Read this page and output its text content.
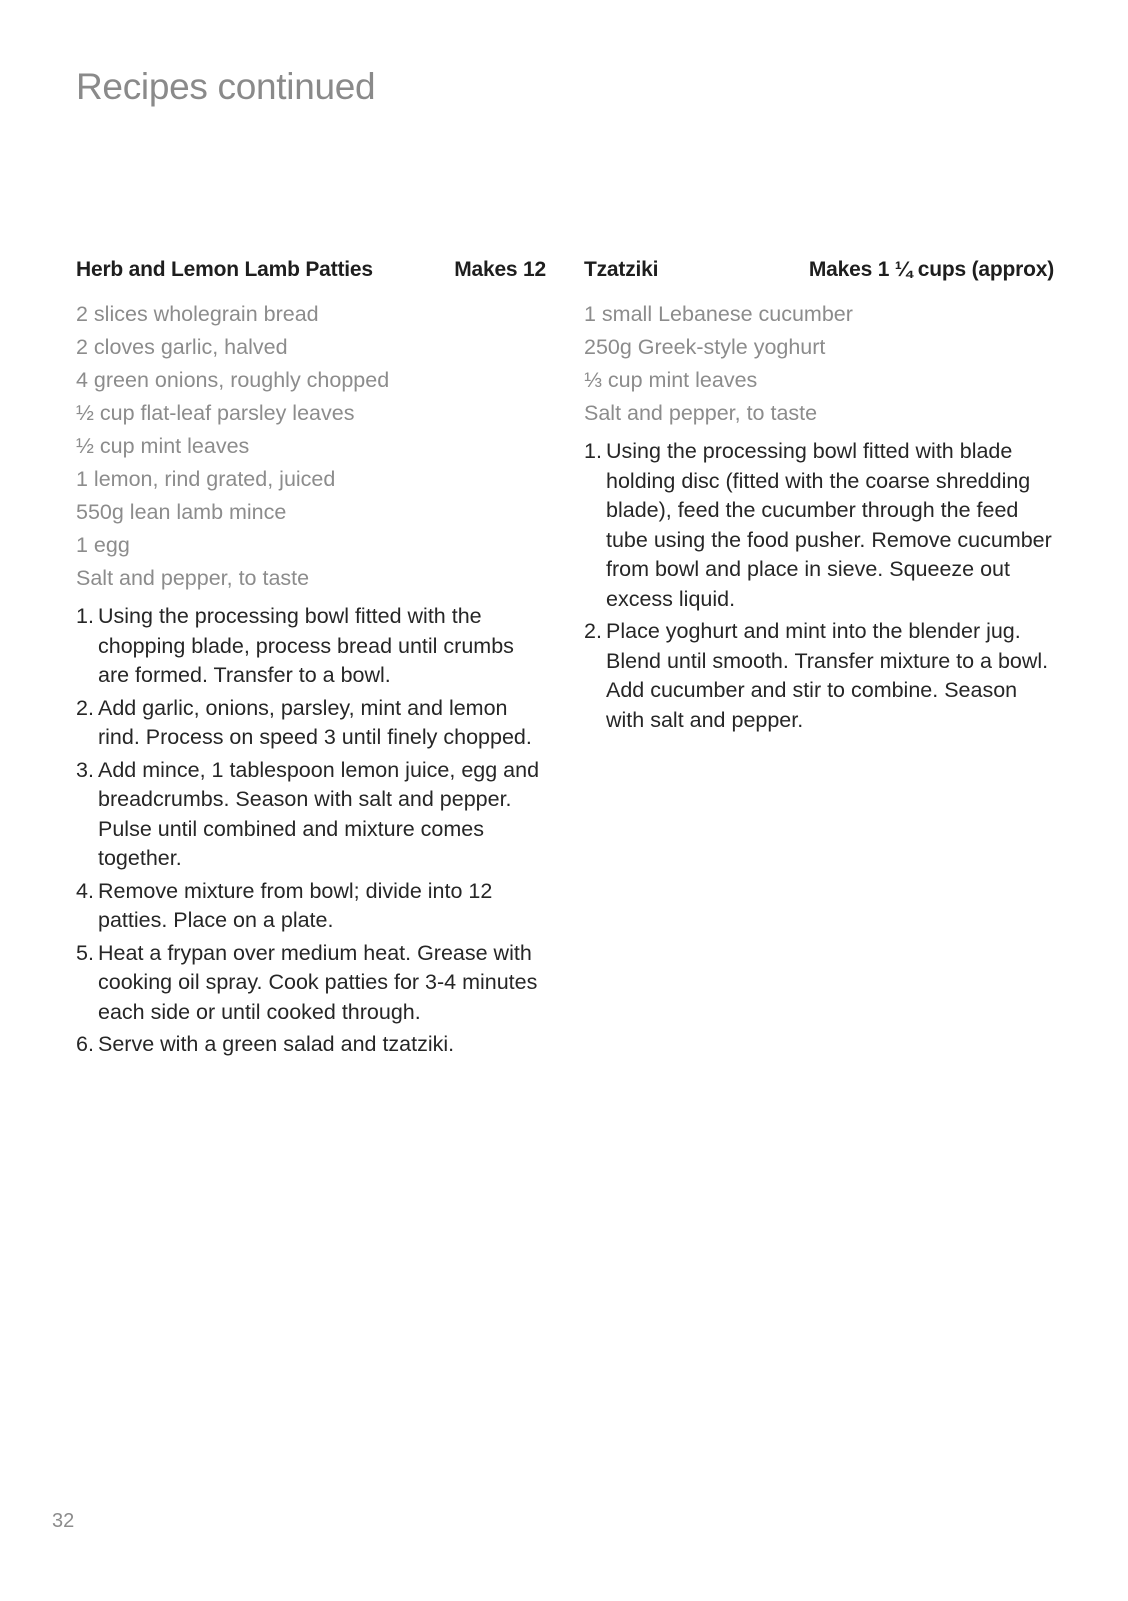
Recipes continued
Herb and Lemon Lamb Patties	Makes 12
2 slices wholegrain bread
2 cloves garlic, halved
4 green onions, roughly chopped
½ cup flat-leaf parsley leaves
½ cup mint leaves
1 lemon, rind grated, juiced
550g lean lamb mince
1 egg
Salt and pepper, to taste
1. Using the processing bowl fitted with the chopping blade, process bread until crumbs are formed. Transfer to a bowl.
2. Add garlic, onions, parsley, mint and lemon rind. Process on speed 3 until finely chopped.
3. Add mince, 1 tablespoon lemon juice, egg and breadcrumbs. Season with salt and pepper. Pulse until combined and mixture comes together.
4. Remove mixture from bowl; divide into 12 patties. Place on a plate.
5. Heat a frypan over medium heat. Grease with cooking oil spray. Cook patties for 3-4 minutes each side or until cooked through.
6. Serve with a green salad and tzatziki.
Tzatziki	Makes 1 ¼ cups (approx)
1 small Lebanese cucumber
250g Greek-style yoghurt
⅓ cup mint leaves
Salt and pepper, to taste
1. Using the processing bowl fitted with blade holding disc (fitted with the coarse shredding blade), feed the cucumber through the feed tube using the food pusher. Remove cucumber from bowl and place in sieve. Squeeze out excess liquid.
2. Place yoghurt and mint into the blender jug. Blend until smooth. Transfer mixture to a bowl. Add cucumber and stir to combine. Season with salt and pepper.
32
